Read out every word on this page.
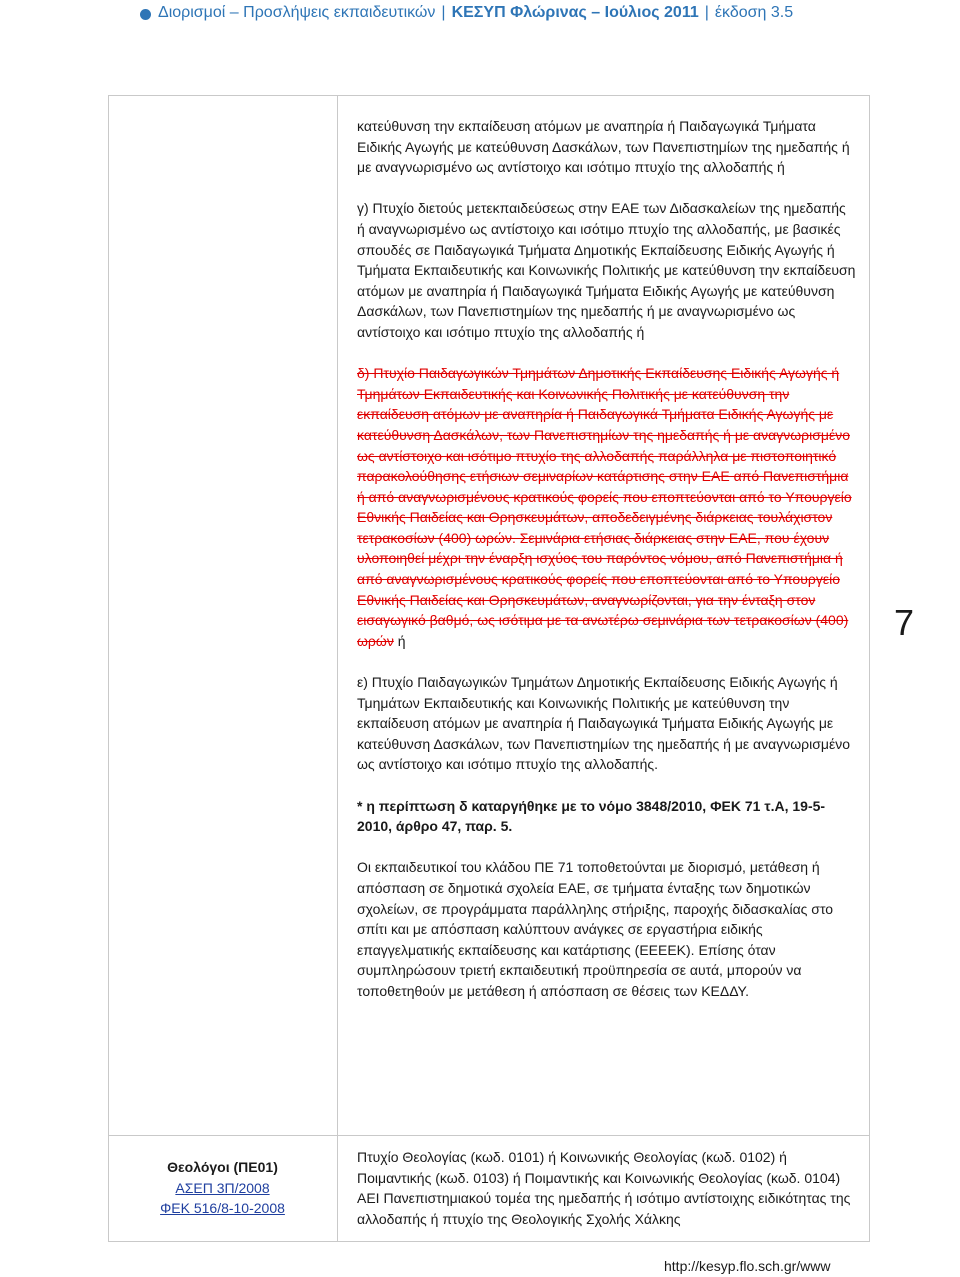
Διορισμοί – Προσλήψεις εκπαιδευτικών | ΚΕΣΥΠ Φλώρινας – Ιούλιος 2011 | έκδοση 3.5

κατεύθυνση την εκπαίδευση ατόμων με αναπηρία ή Παιδαγωγικά Τμήματα Ειδικής Αγωγής με κατεύθυνση Δασκάλων, των Πανεπιστημίων της ημεδαπής ή με αναγνωρισμένο ως αντίστοιχο και ισότιμο πτυχίο της αλλοδαπής ή

γ) Πτυχίο διετούς μετεκπαιδεύσεως στην ΕΑΕ των Διδασκαλείων της ημεδαπής ή αναγνωρισμένο ως αντίστοιχο και ισότιμο πτυχίο της αλλοδαπής, με βασικές σπουδές σε Παιδαγωγικά Τμήματα Δημοτικής Εκπαίδευσης Ειδικής Αγωγής ή Τμήματα Εκπαιδευτικής και Κοινωνικής Πολιτικής με κατεύθυνση την εκπαίδευση ατόμων με αναπηρία ή Παιδαγωγικά Τμήματα Ειδικής Αγωγής με κατεύθυνση Δασκάλων, των Πανεπιστημίων της ημεδαπής ή με αναγνωρισμένο ως αντίστοιχο και ισότιμο πτυχίο της αλλοδαπής ή

δ) Πτυχίο Παιδαγωγικών Τμημάτων Δημοτικής Εκπαίδευσης Ειδικής Αγωγής ή Τμημάτων Εκπαιδευτικής και Κοινωνικής Πολιτικής με κατεύθυνση την εκπαίδευση ατόμων με αναπηρία ή Παιδαγωγικά Τμήματα Ειδικής Αγωγής με κατεύθυνση Δασκάλων, των Πανεπιστημίων της ημεδαπής ή με αναγνωρισμένο ως αντίστοιχο και ισότιμο πτυχίο της αλλοδαπής παράλληλα με πιστοποιητικό παρακολούθησης ετήσιων σεμιναρίων κατάρτισης στην ΕΑΕ από Πανεπιστήμια ή από αναγνωρισμένους κρατικούς φορείς που εποπτεύονται από το Υπουργείο Εθνικής Παιδείας και Θρησκευμάτων, αποδεδειγμένης διάρκειας τουλάχιστον τετρακοσίων (400) ωρών. Σεμινάρια ετήσιας διάρκειας στην ΕΑΕ, που έχουν υλοποιηθεί μέχρι την έναρξη ισχύος του παρόντος νόμου, από Πανεπιστήμια ή από αναγνωρισμένους κρατικούς φορείς που εποπτεύονται από το Υπουργείο Εθνικής Παιδείας και Θρησκευμάτων, αναγνωρίζονται, για την ένταξη στον εισαγωγικό βαθμό, ως ισότιμα με τα ανωτέρω σεμινάρια των τετρακοσίων (400) ωρών ή

ε) Πτυχίο Παιδαγωγικών Τμημάτων Δημοτικής Εκπαίδευσης Ειδικής Αγωγής ή Τμημάτων Εκπαιδευτικής και Κοινωνικής Πολιτικής με κατεύθυνση την εκπαίδευση ατόμων με αναπηρία ή Παιδαγωγικά Τμήματα Ειδικής Αγωγής με κατεύθυνση Δασκάλων, των Πανεπιστημίων της ημεδαπής ή με αναγνωρισμένο ως αντίστοιχο και ισότιμο πτυχίο της αλλοδαπής.

* η περίπτωση δ καταργήθηκε με το νόμο 3848/2010, ΦΕΚ 71 τ.Α, 19-5-2010, άρθρο 47, παρ. 5.

Οι εκπαιδευτικοί του κλάδου ΠΕ 71 τοποθετούνται με διορισμό, μετάθεση ή απόσπαση σε δημοτικά σχολεία ΕΑΕ, σε τμήματα ένταξης των δημοτικών σχολείων, σε προγράμματα παράλληλης στήριξης, παροχής διδασκαλίας στο σπίτι και με απόσπαση καλύπτουν ανάγκες σε εργαστήρια ειδικής επαγγελματικής εκπαίδευσης και κατάρτισης (ΕΕΕΕΚ). Επίσης όταν συμπληρώσουν τριετή εκπαιδευτική προϋπηρεσία σε αυτά, μπορούν να τοποθετηθούν με μετάθεση ή απόσπαση σε θέσεις των ΚΕΔΔΥ.

7
Θεολόγοι (ΠΕ01)
ΑΣΕΠ 3Π/2008
ΦΕΚ 516/8-10-2008
Πτυχίο Θεολογίας (κωδ. 0101) ή Κοινωνικής Θεολογίας (κωδ. 0102) ή Ποιμαντικής (κωδ. 0103) ή Ποιμαντικής και Κοινωνικής Θεολογίας (κωδ. 0104) ΑΕΙ Πανεπιστημιακού τομέα της ημεδαπής ή ισότιμο αντίστοιχης ειδικότητας της αλλοδαπής ή πτυχίο της Θεολογικής Σχολής Χάλκης
http://kesyp.flo.sch.gr/www
